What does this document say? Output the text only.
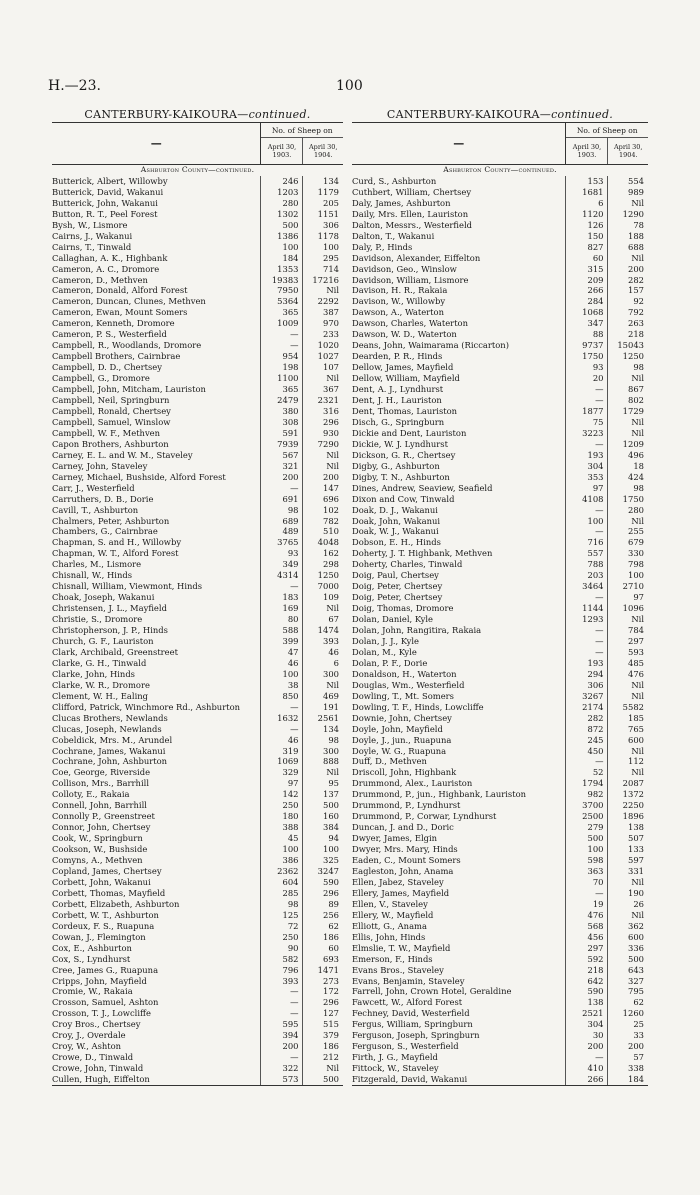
H.—23.	100
CANTERBURY-KAIKOURA—continued.
—	No. of Sheep on	
	April 30, 1903.	April 30, 1904.

Ashburton County—continued.		
Butterick, Albert, Willowby	246	134
Butterick, David, Wakanui	1203	1179
Butterick, John, Wakanui	280	205
Button, R. T., Peel Forest	1302	1151
Bysh, W., Lismore	500	306
Cairns, J., Wakanui	1386	1178
Cairns, T., Tinwald	100	100
Callaghan, A. K., Highbank	184	295
Cameron, A. C., Dromore	1353	714
Cameron, D., Methven	19383	17216
Cameron, Donald, Alford Forest	7950	Nil
Cameron, Duncan, Clunes, Methven	5364	2292
Cameron, Ewan, Mount Somers	365	387
Cameron, Kenneth, Dromore	1009	970
Cameron, P. S., Westerfield	—	233
Campbell, R., Woodlands, Dromore	—	1020
Campbell Brothers, Cairnbrae	954	1027
Campbell, D. D., Chertsey	198	107
Campbell, G., Dromore	1100	Nil
Campbell, John, Mitcham, Lauriston	365	367
Campbell, Neil, Springburn	2479	2321
Campbell, Ronald, Chertsey	380	316
Campbell, Samuel, Winslow	308	296
Campbell, W. F., Methven	591	930
Capon Brothers, Ashburton	7939	7290
Carney, E. L. and W. M., Staveley	567	Nil
Carney, John, Staveley	321	Nil
Carney, Michael, Bushside, Alford Forest	200	200
Carr, J., Westerfield	—	147
Carruthers, D. B., Dorie	691	696
Cavill, T., Ashburton	98	102
Chalmers, Peter, Ashburton	689	782
Chambers, G., Cairnbrae	489	510
Chapman, S. and H., Willowby	3765	4048
Chapman, W. T., Alford Forest	93	162
Charles, M., Lismore	349	298
Chisnall, W., Hinds	4314	1250
Chisnall, William, Viewmont, Hinds	—	7000
Choak, Joseph, Wakanui	183	109
Christensen, J. L., Mayfield	169	Nil
Christie, S., Dromore	80	67
Christopherson, J. P., Hinds	588	1474
Church, G. F., Lauriston	399	393
Clark, Archibald, Greenstreet	47	46
Clarke, G. H., Tinwald	46	6
Clarke, John, Hinds	100	300
Clarke, W. R., Dromore	38	Nil
Clement, W. H., Ealing	850	469
Clifford, Patrick, Winchmore Rd., Ashburton	—	191
Clucas Brothers, Newlands	1632	2561
Clucas, Joseph, Newlands	—	134
Cobeldick, Mrs. M., Arundel	46	98
Cochrane, James, Wakanui	319	300
Cochrane, John, Ashburton	1069	888
Coe, George, Riverside	329	Nil
Collison, Mrs., Barrhill	97	95
Colloty, E., Rakaia	142	137
Connell, John, Barrhill	250	500
Connolly P., Greenstreet	180	160
Connor, John, Chertsey	388	384
Cook, W., Springburn	45	94
Cookson, W., Bushside	100	100
Comyns, A., Methven	386	325
Copland, James, Chertsey	2362	3247
Corbett, John, Wakanui	604	590
Corbett, Thomas, Mayfield	285	296
Corbett, Elizabeth, Ashburton	98	89
Corbett, W. T., Ashburton	125	256
Cordeux, F. S., Ruapuna	72	62
Cowan, J., Flemington	250	186
Cox, E., Ashburton	90	60
Cox, S., Lyndhurst	582	693
Cree, James G., Ruapuna	796	1471
Cripps, John, Mayfield	393	273
Cromie, W., Rakaia	—	172
Crosson, Samuel, Ashton	—	296
Crosson, T. J., Lowcliffe	—	127
Croy Bros., Chertsey	595	515
Croy, J., Overdale	394	379
Croy, W., Ashton	200	186
Crowe, D., Tinwald	—	212
Crowe, John, Tinwald	322	Nil
Cullen, Hugh, Eiffelton	573	500
CANTERBURY-KAIKOURA—continued.
—	No. of Sheep on	
	April 30, 1903.	April 30, 1904.

Ashburton County—continued.		
Curd, S., Ashburton	153	554
Cuthbert, William, Chertsey	1681	989
Daly, James, Ashburton	6	Nil
Daily, Mrs. Ellen, Lauriston	1120	1290
Dalton, Messrs., Westerfield	126	78
Dalton, T., Wakanui	150	188
Daly, P., Hinds	827	688
Davidson, Alexander, Eiffelton	60	Nil
Davidson, Geo., Winslow	315	200
Davidson, William, Lismore	209	282
Davison, H. R., Rakaia	266	157
Davison, W., Willowby	284	92
Dawson, A., Waterton	1068	792
Dawson, Charles, Waterton	347	263
Dawson, W. D., Waterton	88	218
Deans, John, Waimarama (Riccarton)	9737	15043
Dearden, P. R., Hinds	1750	1250
Dellow, James, Mayfield	93	98
Dellow, William, Mayfield	20	Nil
Dent, A. J., Lyndhurst	—	867
Dent, J. H., Lauriston	—	802
Dent, Thomas, Lauriston	1877	1729
Disch, G., Springburn	75	Nil
Dickie and Dent, Lauriston	3223	Nil
Dickie, W. J. Lyndhurst	—	1209
Dickson, G. R., Chertsey	193	496
Digby, G., Ashburton	304	18
Digby, T. N., Ashburton	353	424
Dines, Andrew, Seaview, Seafield	97	98
Dixon and Cow, Tinwald	4108	1750
Doak, D. J., Wakanui	—	280
Doak, John, Wakanui	100	Nil
Doak, W. J., Wakanui	—	255
Dobson, E. H., Hinds	716	679
Doherty, J. T. Highbank, Methven	557	330
Doherty, Charles, Tinwald	788	798
Doig, Paul, Chertsey	203	100
Doig, Peter, Chertsey	3464	2710
Doig, Peter, Chertsey	—	97
Doig, Thomas, Dromore	1144	1096
Dolan, Daniel, Kyle	1293	Nil
Dolan, John, Rangitira, Rakaia	—	784
Dolan, J. J., Kyle	—	297
Dolan, M., Kyle	—	593
Dolan, P. F., Dorie	193	485
Donaldson, H., Waterton	294	476
Douglas, Wm., Westerfield	306	Nil
Dowling, T., Mt. Somers	3267	Nil
Dowling, T. F., Hinds, Lowcliffe	2174	5582
Downie, John, Chertsey	282	185
Doyle, John, Mayfield	872	765
Doyle, J., jun., Ruapuna	245	600
Doyle, W. G., Ruapuna	450	Nil
Duff, D., Methven	—	112
Driscoll, John, Highbank	52	Nil
Drummond, Alex., Lauriston	1794	2087
Drummond, P., jun., Highbank, Lauriston	982	1372
Drummond, P., Lyndhurst	3700	2250
Drummond, P., Corwar, Lyndhurst	2500	1896
Duncan, J. and D., Doric	279	138
Dwyer, James, Elgin	500	507
Dwyer, Mrs. Mary, Hinds	100	133
Eaden, C., Mount Somers	598	597
Eagleston, John, Anama	363	331
Ellen, Jabez, Staveley	70	Nil
Ellery, James, Mayfield	—	190
Ellen, V., Staveley	19	26
Ellery, W., Mayfield	476	Nil
Elliott, G., Anama	568	362
Ellis, John, Hinds	456	600
Elmslie, T. W., Mayfield	297	336
Emerson, F., Hinds	592	500
Evans Bros., Staveley	218	643
Evans, Benjamin, Staveley	642	327
Farrell, John, Crown Hotel, Geraldine	590	795
Fawcett, W., Alford Forest	138	62
Fechney, David, Westerfield	2521	1260
Fergus, William, Springburn	304	25
Ferguson, Joseph, Springburn	30	33
Ferguson, S., Westerfield	200	200
Firth, J. G., Mayfield	—	57
Fittock, W., Staveley	410	338
Fitzgerald, David, Wakanui	266	184
